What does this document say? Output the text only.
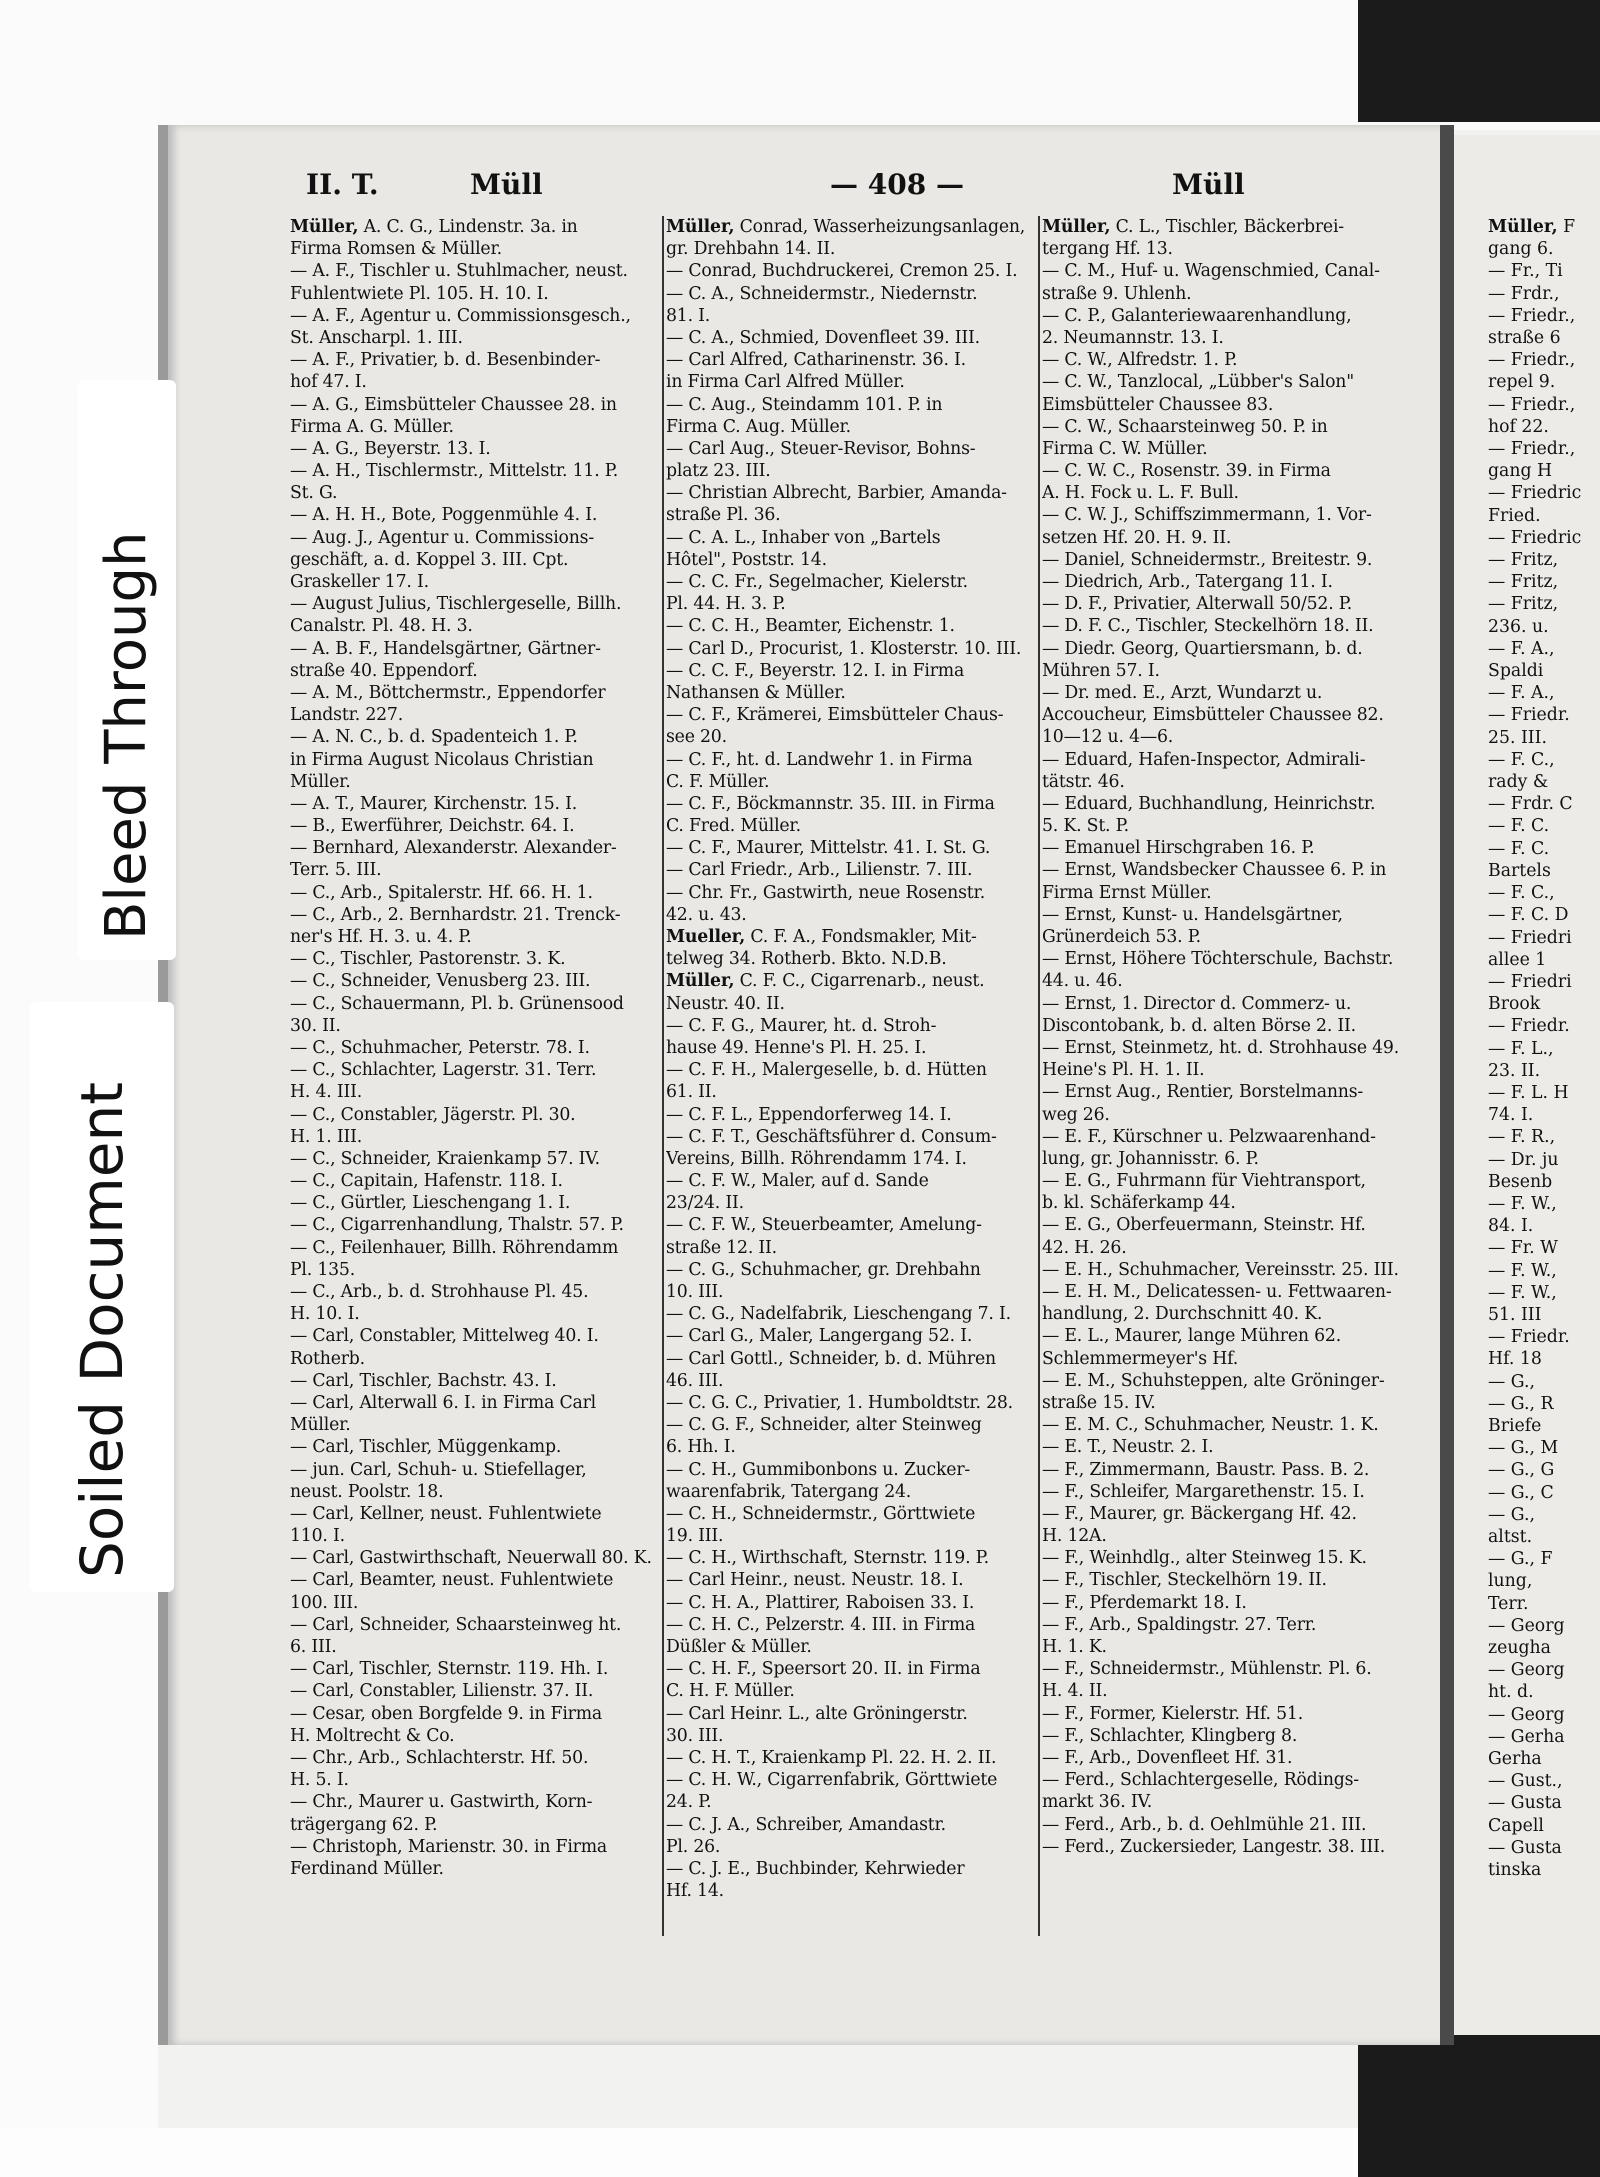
II. T.	Müll	— 408 —	Müll
Müller, A. C. G., Lindenstr. 3a. in
Firma Romsen & Müller.
— A. F., Tischler u. Stuhlmacher, neust.
Fuhlentwiete Pl. 105. H. 10. I.
— A. F., Agentur u. Commissionsgesch.,
St. Anscharpl. 1. III.
— A. F., Privatier, b. d. Besenbinder-
hof 47. I.
— A. G., Eimsbütteler Chaussee 28. in
Firma A. G. Müller.
— A. G., Beyerstr. 13. I.
— A. H., Tischlermstr., Mittelstr. 11. P.
St. G.
— A. H. H., Bote, Poggenmühle 4. I.
— Aug. J., Agentur u. Commissions-
geschäft, a. d. Koppel 3. III. Cpt.
Graskeller 17. I.
— August Julius, Tischlergeselle, Billh.
Canalstr. Pl. 48. H. 3.
— A. B. F., Handelsgärtner, Gärtner-
straße 40. Eppendorf.
— A. M., Böttchermstr., Eppendorfer
Landstr. 227.
— A. N. C., b. d. Spadenteich 1. P.
in Firma August Nicolaus Christian
Müller.
— A. T., Maurer, Kirchenstr. 15. I.
— B., Ewerführer, Deichstr. 64. I.
— Bernhard, Alexanderstr. Alexander-
Terr. 5. III.
— C., Arb., Spitalerstr. Hf. 66. H. 1.
— C., Arb., 2. Bernhardstr. 21. Trenck-
ner's Hf. H. 3. u. 4. P.
— C., Tischler, Pastorenstr. 3. K.
— C., Schneider, Venusberg 23. III.
— C., Schauermann, Pl. b. Grünensood
30. II.
— C., Schuhmacher, Peterstr. 78. I.
— C., Schlachter, Lagerstr. 31. Terr.
H. 4. III.
— C., Constabler, Jägerstr. Pl. 30.
H. 1. III.
— C., Schneider, Kraienkamp 57. IV.
— C., Capitain, Hafenstr. 118. I.
— C., Gürtler, Lieschengang 1. I.
— C., Cigarrenhandlung, Thalstr. 57. P.
— C., Feilenhauer, Billh. Röhrendamm
Pl. 135.
— C., Arb., b. d. Strohhause Pl. 45.
H. 10. I.
— Carl, Constabler, Mittelweg 40. I.
Rotherb.
— Carl, Tischler, Bachstr. 43. I.
— Carl, Alterwall 6. I. in Firma Carl
Müller.
— Carl, Tischler, Müggenkamp.
— jun. Carl, Schuh- u. Stiefellager,
neust. Poolstr. 18.
— Carl, Kellner, neust. Fuhlentwiete
110. I.
— Carl, Gastwirthschaft, Neuerwall 80. K.
— Carl, Beamter, neust. Fuhlentwiete
100. III.
— Carl, Schneider, Schaarsteinweg ht.
6. III.
— Carl, Tischler, Sternstr. 119. Hh. I.
— Carl, Constabler, Lilienstr. 37. II.
— Cesar, oben Borgfelde 9. in Firma
H. Moltrecht & Co.
— Chr., Arb., Schlachterstr. Hf. 50.
H. 5. I.
— Chr., Maurer u. Gastwirth, Korn-
trägergang 62. P.
— Christoph, Marienstr. 30. in Firma
Ferdinand Müller.
Müller, Conrad, Wasserheizungsanlagen,
gr. Drehbahn 14. II.
— Conrad, Buchdruckerei, Cremon 25. I.
— C. A., Schneidermstr., Niedernstr.
81. I.
— C. A., Schmied, Dovenfleet 39. III.
— Carl Alfred, Catharinenstr. 36. I.
in Firma Carl Alfred Müller.
— C. Aug., Steindamm 101. P. in
Firma C. Aug. Müller.
— Carl Aug., Steuer-Revisor, Bohns-
platz 23. III.
— Christian Albrecht, Barbier, Amanda-
straße Pl. 36.
— C. A. L., Inhaber von „Bartels
Hôtel", Poststr. 14.
— C. C. Fr., Segelmacher, Kielerstr.
Pl. 44. H. 3. P.
— C. C. H., Beamter, Eichenstr. 1.
— Carl D., Procurist, 1. Klosterstr. 10. III.
— C. C. F., Beyerstr. 12. I. in Firma
Nathansen & Müller.
— C. F., Krämerei, Eimsbütteler Chaus-
see 20.
— C. F., ht. d. Landwehr 1. in Firma
C. F. Müller.
— C. F., Böckmannstr. 35. III. in Firma
C. Fred. Müller.
— C. F., Maurer, Mittelstr. 41. I. St. G.
— Carl Friedr., Arb., Lilienstr. 7. III.
— Chr. Fr., Gastwirth, neue Rosenstr.
42. u. 43.
Mueller, C. F. A., Fondsmakler, Mit-
telweg 34. Rotherb. Bkto. N.D.B.
Müller, C. F. C., Cigarrenarb., neust.
Neustr. 40. II.
— C. F. G., Maurer, ht. d. Stroh-
hause 49. Henne's Pl. H. 25. I.
— C. F. H., Malergeselle, b. d. Hütten
61. II.
— C. F. L., Eppendorferweg 14. I.
— C. F. T., Geschäftsführer d. Consum-
Vereins, Billh. Röhrendamm 174. I.
— C. F. W., Maler, auf d. Sande
23/24. II.
— C. F. W., Steuerbeamter, Amelung-
straße 12. II.
— C. G., Schuhmacher, gr. Drehbahn
10. III.
— C. G., Nadelfabrik, Lieschengang 7. I.
— Carl G., Maler, Langergang 52. I.
— Carl Gottl., Schneider, b. d. Mühren
46. III.
— C. G. C., Privatier, 1. Humboldtstr. 28.
— C. G. F., Schneider, alter Steinweg
6. Hh. I.
— C. H., Gummibonbons u. Zucker-
waarenfabrik, Tatergang 24.
— C. H., Schneidermstr., Görttwiete
19. III.
— C. H., Wirthschaft, Sternstr. 119. P.
— Carl Heinr., neust. Neustr. 18. I.
— C. H. A., Plattirer, Raboisen 33. I.
— C. H. C., Pelzerstr. 4. III. in Firma
Düßler & Müller.
— C. H. F., Speersort 20. II. in Firma
C. H. F. Müller.
— Carl Heinr. L., alte Gröningerstr.
30. III.
— C. H. T., Kraienkamp Pl. 22. H. 2. II.
— C. H. W., Cigarrenfabrik, Görttwiete
24. P.
— C. J. A., Schreiber, Amandastr.
Pl. 26.
— C. J. E., Buchbinder, Kehrwieder
Hf. 14.
Müller, C. L., Tischler, Bäckerbrei-
tergang Hf. 13.
— C. M., Huf- u. Wagenschmied, Canal-
straße 9. Uhlenh.
— C. P., Galanteriewaarenhandlung,
2. Neumannstr. 13. I.
— C. W., Alfredstr. 1. P.
— C. W., Tanzlocal, „Lübber's Salon"
Eimsbütteler Chaussee 83.
— C. W., Schaarsteinweg 50. P. in
Firma C. W. Müller.
— C. W. C., Rosenstr. 39. in Firma
A. H. Fock u. L. F. Bull.
— C. W. J., Schiffszimmermann, 1. Vor-
setzen Hf. 20. H. 9. II.
— Daniel, Schneidermstr., Breitestr. 9.
— Diedrich, Arb., Tatergang 11. I.
— D. F., Privatier, Alterwall 50/52. P.
— D. F. C., Tischler, Steckelhörn 18. II.
— Diedr. Georg, Quartiersmann, b. d.
Mühren 57. I.
— Dr. med. E., Arzt, Wundarzt u.
Accoucheur, Eimsbütteler Chaussee 82.
10—12 u. 4—6.
— Eduard, Hafen-Inspector, Admirali-
tätstr. 46.
— Eduard, Buchhandlung, Heinrichstr.
5. K. St. P.
— Emanuel Hirschgraben 16. P.
— Ernst, Wandsbecker Chaussee 6. P. in
Firma Ernst Müller.
— Ernst, Kunst- u. Handelsgärtner,
Grünerdeich 53. P.
— Ernst, Höhere Töchterschule, Bachstr.
44. u. 46.
— Ernst, 1. Director d. Commerz- u.
Discontobank, b. d. alten Börse 2. II.
— Ernst, Steinmetz, ht. d. Strohhause 49.
Heine's Pl. H. 1. II.
— Ernst Aug., Rentier, Borstelmanns-
weg 26.
— E. F., Kürschner u. Pelzwaarenhand-
lung, gr. Johannisstr. 6. P.
— E. G., Fuhrmann für Viehtransport,
b. kl. Schäferkamp 44.
— E. G., Oberfeuermann, Steinstr. Hf.
42. H. 26.
— E. H., Schuhmacher, Vereinsstr. 25. III.
— E. H. M., Delicatessen- u. Fettwaaren-
handlung, 2. Durchschnitt 40. K.
— E. L., Maurer, lange Mühren 62.
Schlemmermeyer's Hf.
— E. M., Schuhsteppen, alte Gröninger-
straße 15. IV.
— E. M. C., Schuhmacher, Neustr. 1. K.
— E. T., Neustr. 2. I.
— F., Zimmermann, Baustr. Pass. B. 2.
— F., Schleifer, Margarethenstr. 15. I.
— F., Maurer, gr. Bäckergang Hf. 42.
H. 12A.
— F., Weinhdlg., alter Steinweg 15. K.
— F., Tischler, Steckelhörn 19. II.
— F., Pferdemarkt 18. I.
— F., Arb., Spaldingstr. 27. Terr.
H. 1. K.
— F., Schneidermstr., Mühlenstr. Pl. 6.
H. 4. II.
— F., Former, Kielerstr. Hf. 51.
— F., Schlachter, Klingberg 8.
— F., Arb., Dovenfleet Hf. 31.
— Ferd., Schlachtergeselle, Rödings-
markt 36. IV.
— Ferd., Arb., b. d. Oehlmühle 21. III.
— Ferd., Zuckersieder, Langestr. 38. III.
Müller, F
gang 6.
— Fr., Ti
— Frdr.,
— Friedr.,
straße 6
— Friedr.,
repel 9.
— Friedr.,
hof 22.
— Friedr.,
gang H
— Friedric
Fried.
— Friedric
— Fritz,
— Fritz,
— Fritz,
236. u.
— F. A.,
Spaldi
— F. A.,
— Friedr.
25. III.
— F. C.,
rady &
— Frdr. C
— F. C.
— F. C.
Bartels
— F. C.,
— F. C. D
— Friedri
allee 1
— Friedri
Brook
— Friedr.
— F. L.,
23. II.
— F. L. H
74. I.
— F. R.,
— Dr. ju
Besenb
— F. W.,
84. I.
— Fr. W
— F. W.,
— F. W.,
51. III
— Friedr.
Hf. 18
— G.,
— G., R
Briefe
— G., M
— G., G
— G., C
— G.,
altst.
— G., F
lung,
Terr.
— Georg
zeugha
— Georg
ht. d.
— Georg
— Gerha
Gerha
— Gust.,
— Gusta
Capell
— Gusta
tinska
Bleed Through
Soiled Document
